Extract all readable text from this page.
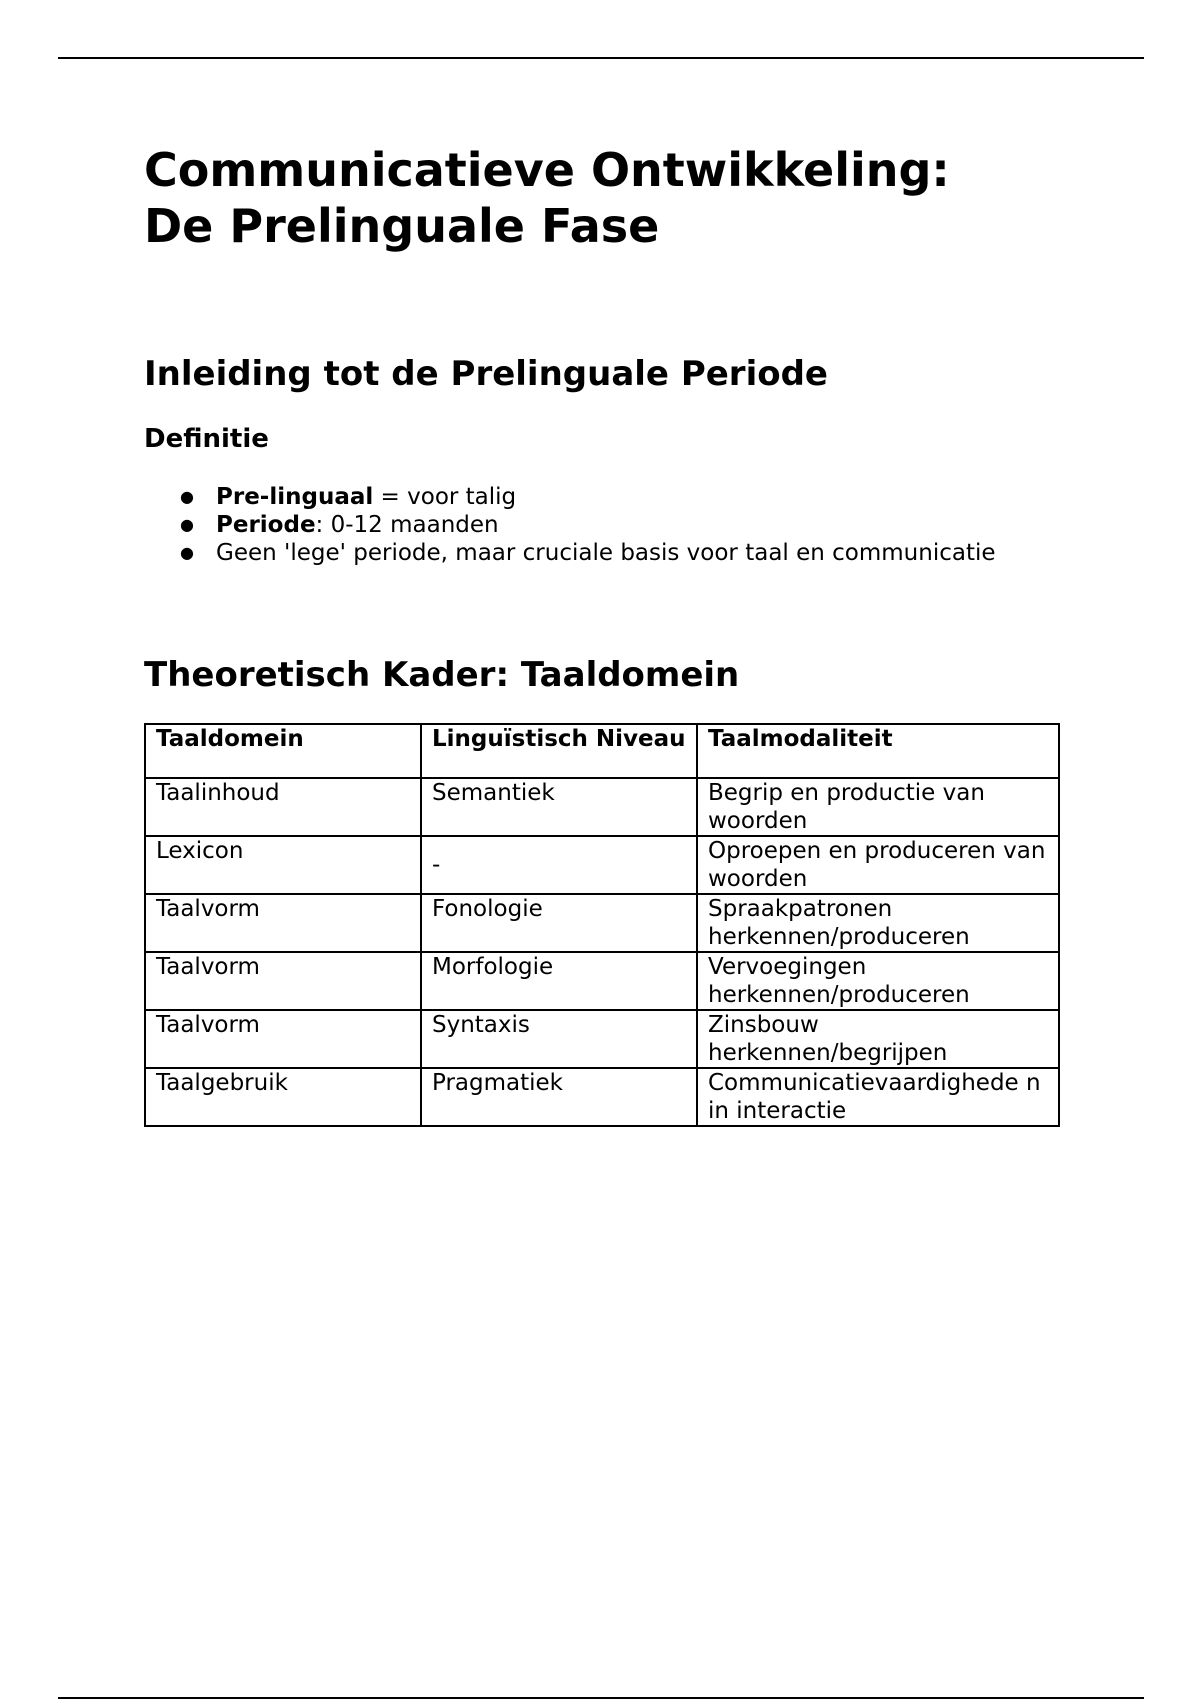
Communicatieve Ontwikkeling:
De Prelinguale Fase
Inleiding tot de Prelinguale Periode
Definitie
● Pre-linguaal = voor talig
● Periode: 0-12 maanden
● Geen 'lege' periode, maar cruciale basis voor taal en communicatie
Theoretisch Kader: Taaldomein
Taaldomein	Linguïstisch Niveau	Taalmodaliteit
Taalinhoud	Semantiek	Begrip en productie van woorden
Lexicon	-	Oproepen en produceren van woorden
Taalvorm	Fonologie	Spraakpatronen herkennen/produceren
Taalvorm	Morfologie	Vervoegingen herkennen/produceren
Taalvorm	Syntaxis	Zinsbouw herkennen/begrijpen
Taalgebruik	Pragmatiek	Communicatievaardighede n in interactie
